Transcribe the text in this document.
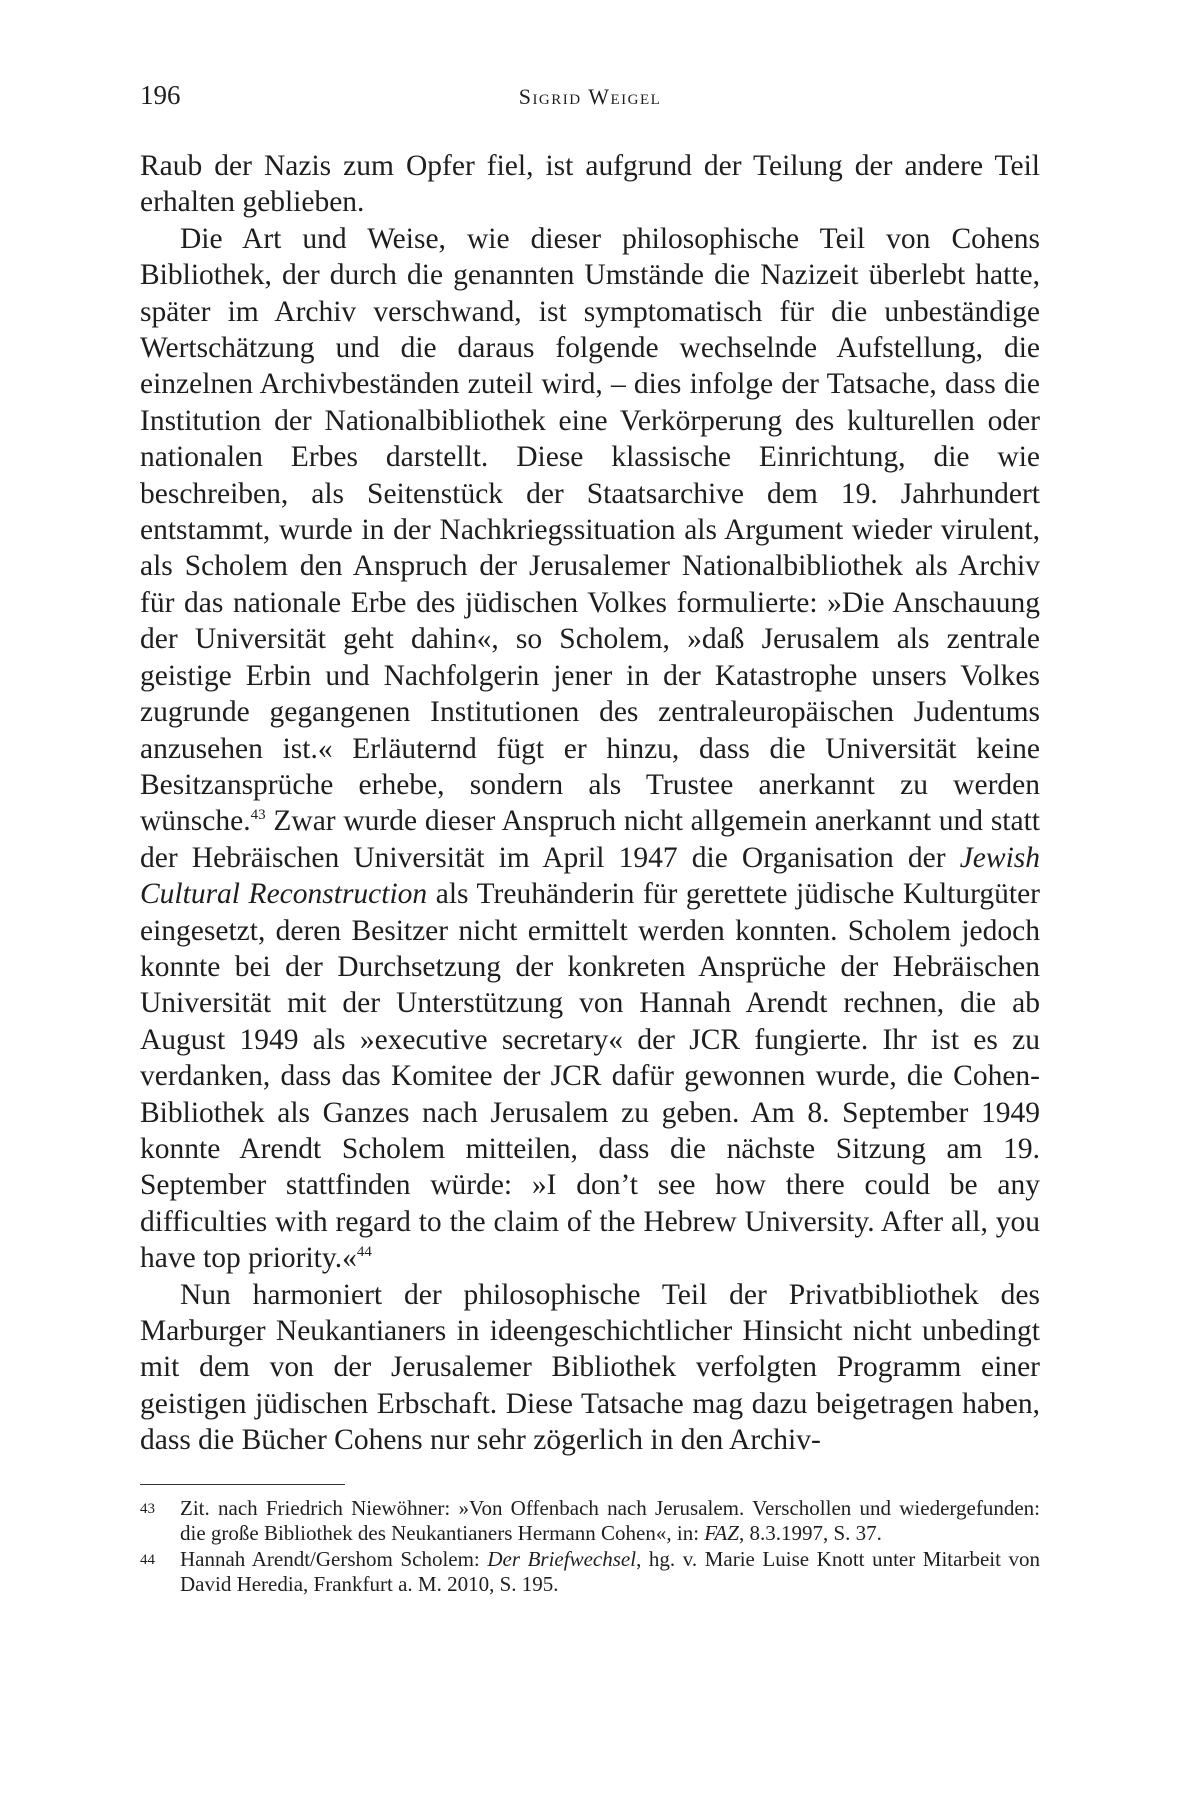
196	Sigrid Weigel

Raub der Nazis zum Opfer fiel, ist aufgrund der Teilung der andere Teil erhalten geblieben.

Die Art und Weise, wie dieser philosophische Teil von Cohens Bibliothek, der durch die genannten Umstände die Nazizeit überlebt hatte, später im Archiv verschwand, ist symptomatisch für die unbeständige Wertschätzung und die daraus folgende wechselnde Aufstellung, die einzelnen Archivbeständen zuteil wird, – dies infolge der Tatsache, dass die Institution der Nationalbibliothek eine Verkörperung des kulturellen oder nationalen Erbes darstellt. Diese klassische Einrichtung, die wie beschreiben, als Seitenstück der Staatsarchive dem 19. Jahrhundert entstammt, wurde in der Nachkriegssituation als Argument wieder virulent, als Scholem den Anspruch der Jerusalemer Nationalbibliothek als Archiv für das nationale Erbe des jüdischen Volkes formulierte: »Die Anschauung der Universität geht dahin«, so Scholem, »daß Jerusalem als zentrale geistige Erbin und Nachfolgerin jener in der Katastrophe unsers Volkes zugrunde gegangenen Institutionen des zentraleuropäischen Judentums anzusehen ist.« Erläuternd fügt er hinzu, dass die Universität keine Besitzansprüche erhebe, sondern als Trustee anerkannt zu werden wünsche.$^{43}$ Zwar wurde dieser Anspruch nicht allgemein anerkannt und statt der Hebräischen Universität im April 1947 die Organisation der Jewish Cultural Reconstruction als Treuhänderin für gerettete jüdische Kulturgüter eingesetzt, deren Besitzer nicht ermittelt werden konnten. Scholem jedoch konnte bei der Durchsetzung der konkreten Ansprüche der Hebräischen Universität mit der Unterstützung von Hannah Arendt rechnen, die ab August 1949 als »executive secretary« der JCR fungierte. Ihr ist es zu verdanken, dass das Komitee der JCR dafür gewonnen wurde, die Cohen-Bibliothek als Ganzes nach Jerusalem zu geben. Am 8. September 1949 konnte Arendt Scholem mitteilen, dass die nächste Sitzung am 19. September stattfinden würde: »I don’t see how there could be any difficulties with regard to the claim of the Hebrew University. After all, you have top priority.«$^{44}$

Nun harmoniert der philosophische Teil der Privatbibliothek des Marburger Neukantianers in ideengeschichtlicher Hinsicht nicht unbedingt mit dem von der Jerusalemer Bibliothek verfolgten Programm einer geistigen jüdischen Erbschaft. Diese Tatsache mag dazu beigetragen haben, dass die Bücher Cohens nur sehr zögerlich in den Archiv-

43 Zit. nach Friedrich Niewöhner: »Von Offenbach nach Jerusalem. Verschollen und wiedergefunden: die große Bibliothek des Neukantianers Hermann Cohen«, in: FAZ, 8.3.1997, S. 37.
44 Hannah Arendt/Gershom Scholem: Der Briefwechsel, hg. v. Marie Luise Knott unter Mitarbeit von David Heredia, Frankfurt a. M. 2010, S. 195.
